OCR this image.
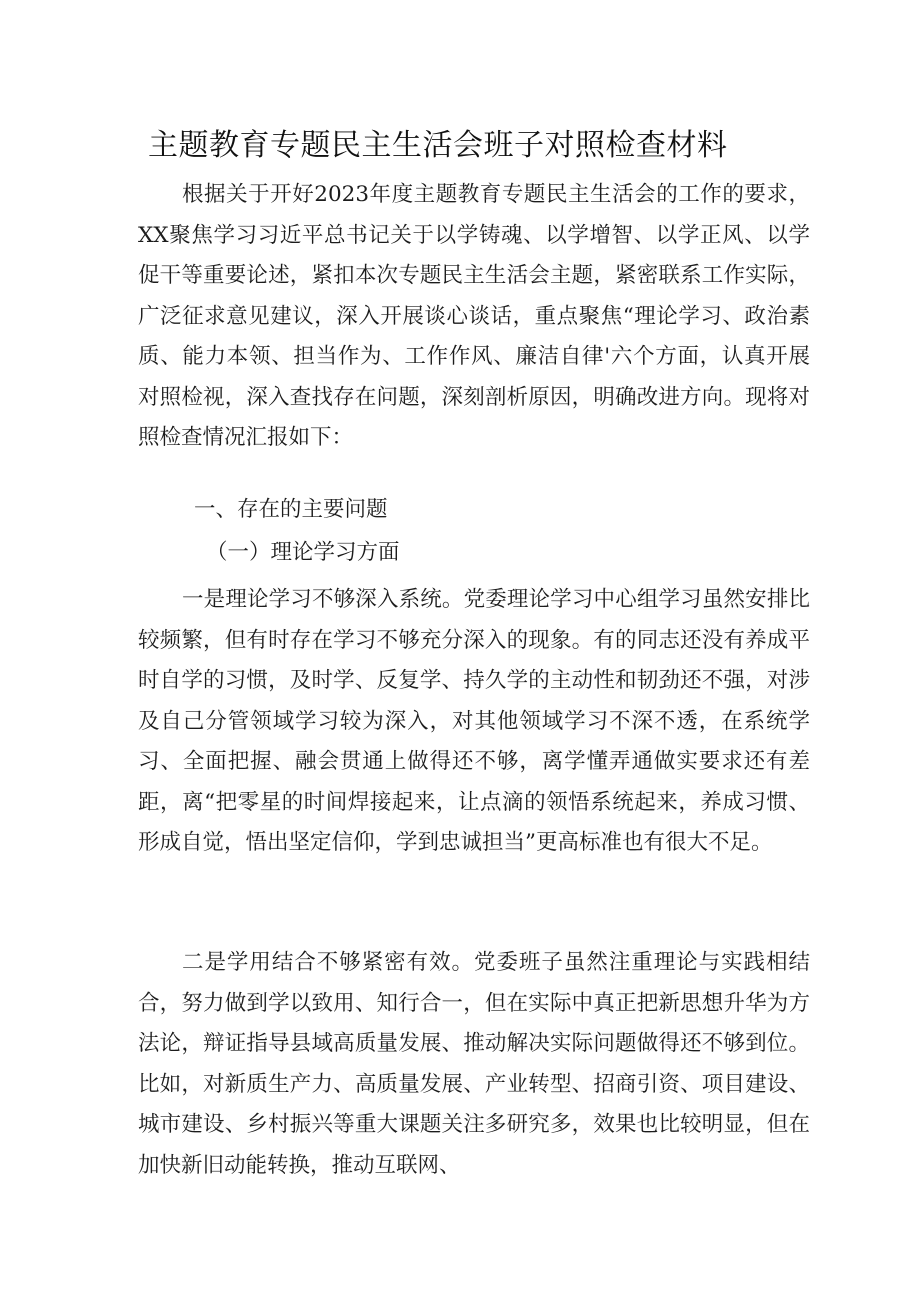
主题教育专题民主生活会班子对照检查材料

根据关于开好2023年度主题教育专题民主生活会的工作的要求，XX聚焦学习习近平总书记关于以学铸魂、以学增智、以学正风、以学促干等重要论述，紧扣本次专题民主生活会主题，紧密联系工作实际，广泛征求意见建议，深入开展谈心谈话，重点聚焦“理论学习、政治素质、能力本领、担当作为、工作作风、廉洁自律'六个方面，认真开展对照检视，深入查找存在问题，深刻剖析原因，明确改进方向。现将对照检查情况汇报如下：

一、存在的主要问题

（一）理论学习方面

一是理论学习不够深入系统。党委理论学习中心组学习虽然安排比较频繁，但有时存在学习不够充分深入的现象。有的同志还没有养成平时自学的习惯，及时学、反复学、持久学的主动性和韧劲还不强，对涉及自己分管领域学习较为深入，对其他领域学习不深不透，在系统学习、全面把握、融会贯通上做得还不够，离学懂弄通做实要求还有差距，离“把零星的时间焊接起来，让点滴的领悟系统起来，养成习惯、形成自觉，悟出坚定信仰，学到忠诚担当”更高标准也有很大不足。

二是学用结合不够紧密有效。党委班子虽然注重理论与实践相结合，努力做到学以致用、知行合一，但在实际中真正把新思想升华为方法论，辩证指导县域高质量发展、推动解决实际问题做得还不够到位。比如，对新质生产力、高质量发展、产业转型、招商引资、项目建设、城市建设、乡村振兴等重大课题关注多研究多，效果也比较明显，但在加快新旧动能转换，推动互联网、
